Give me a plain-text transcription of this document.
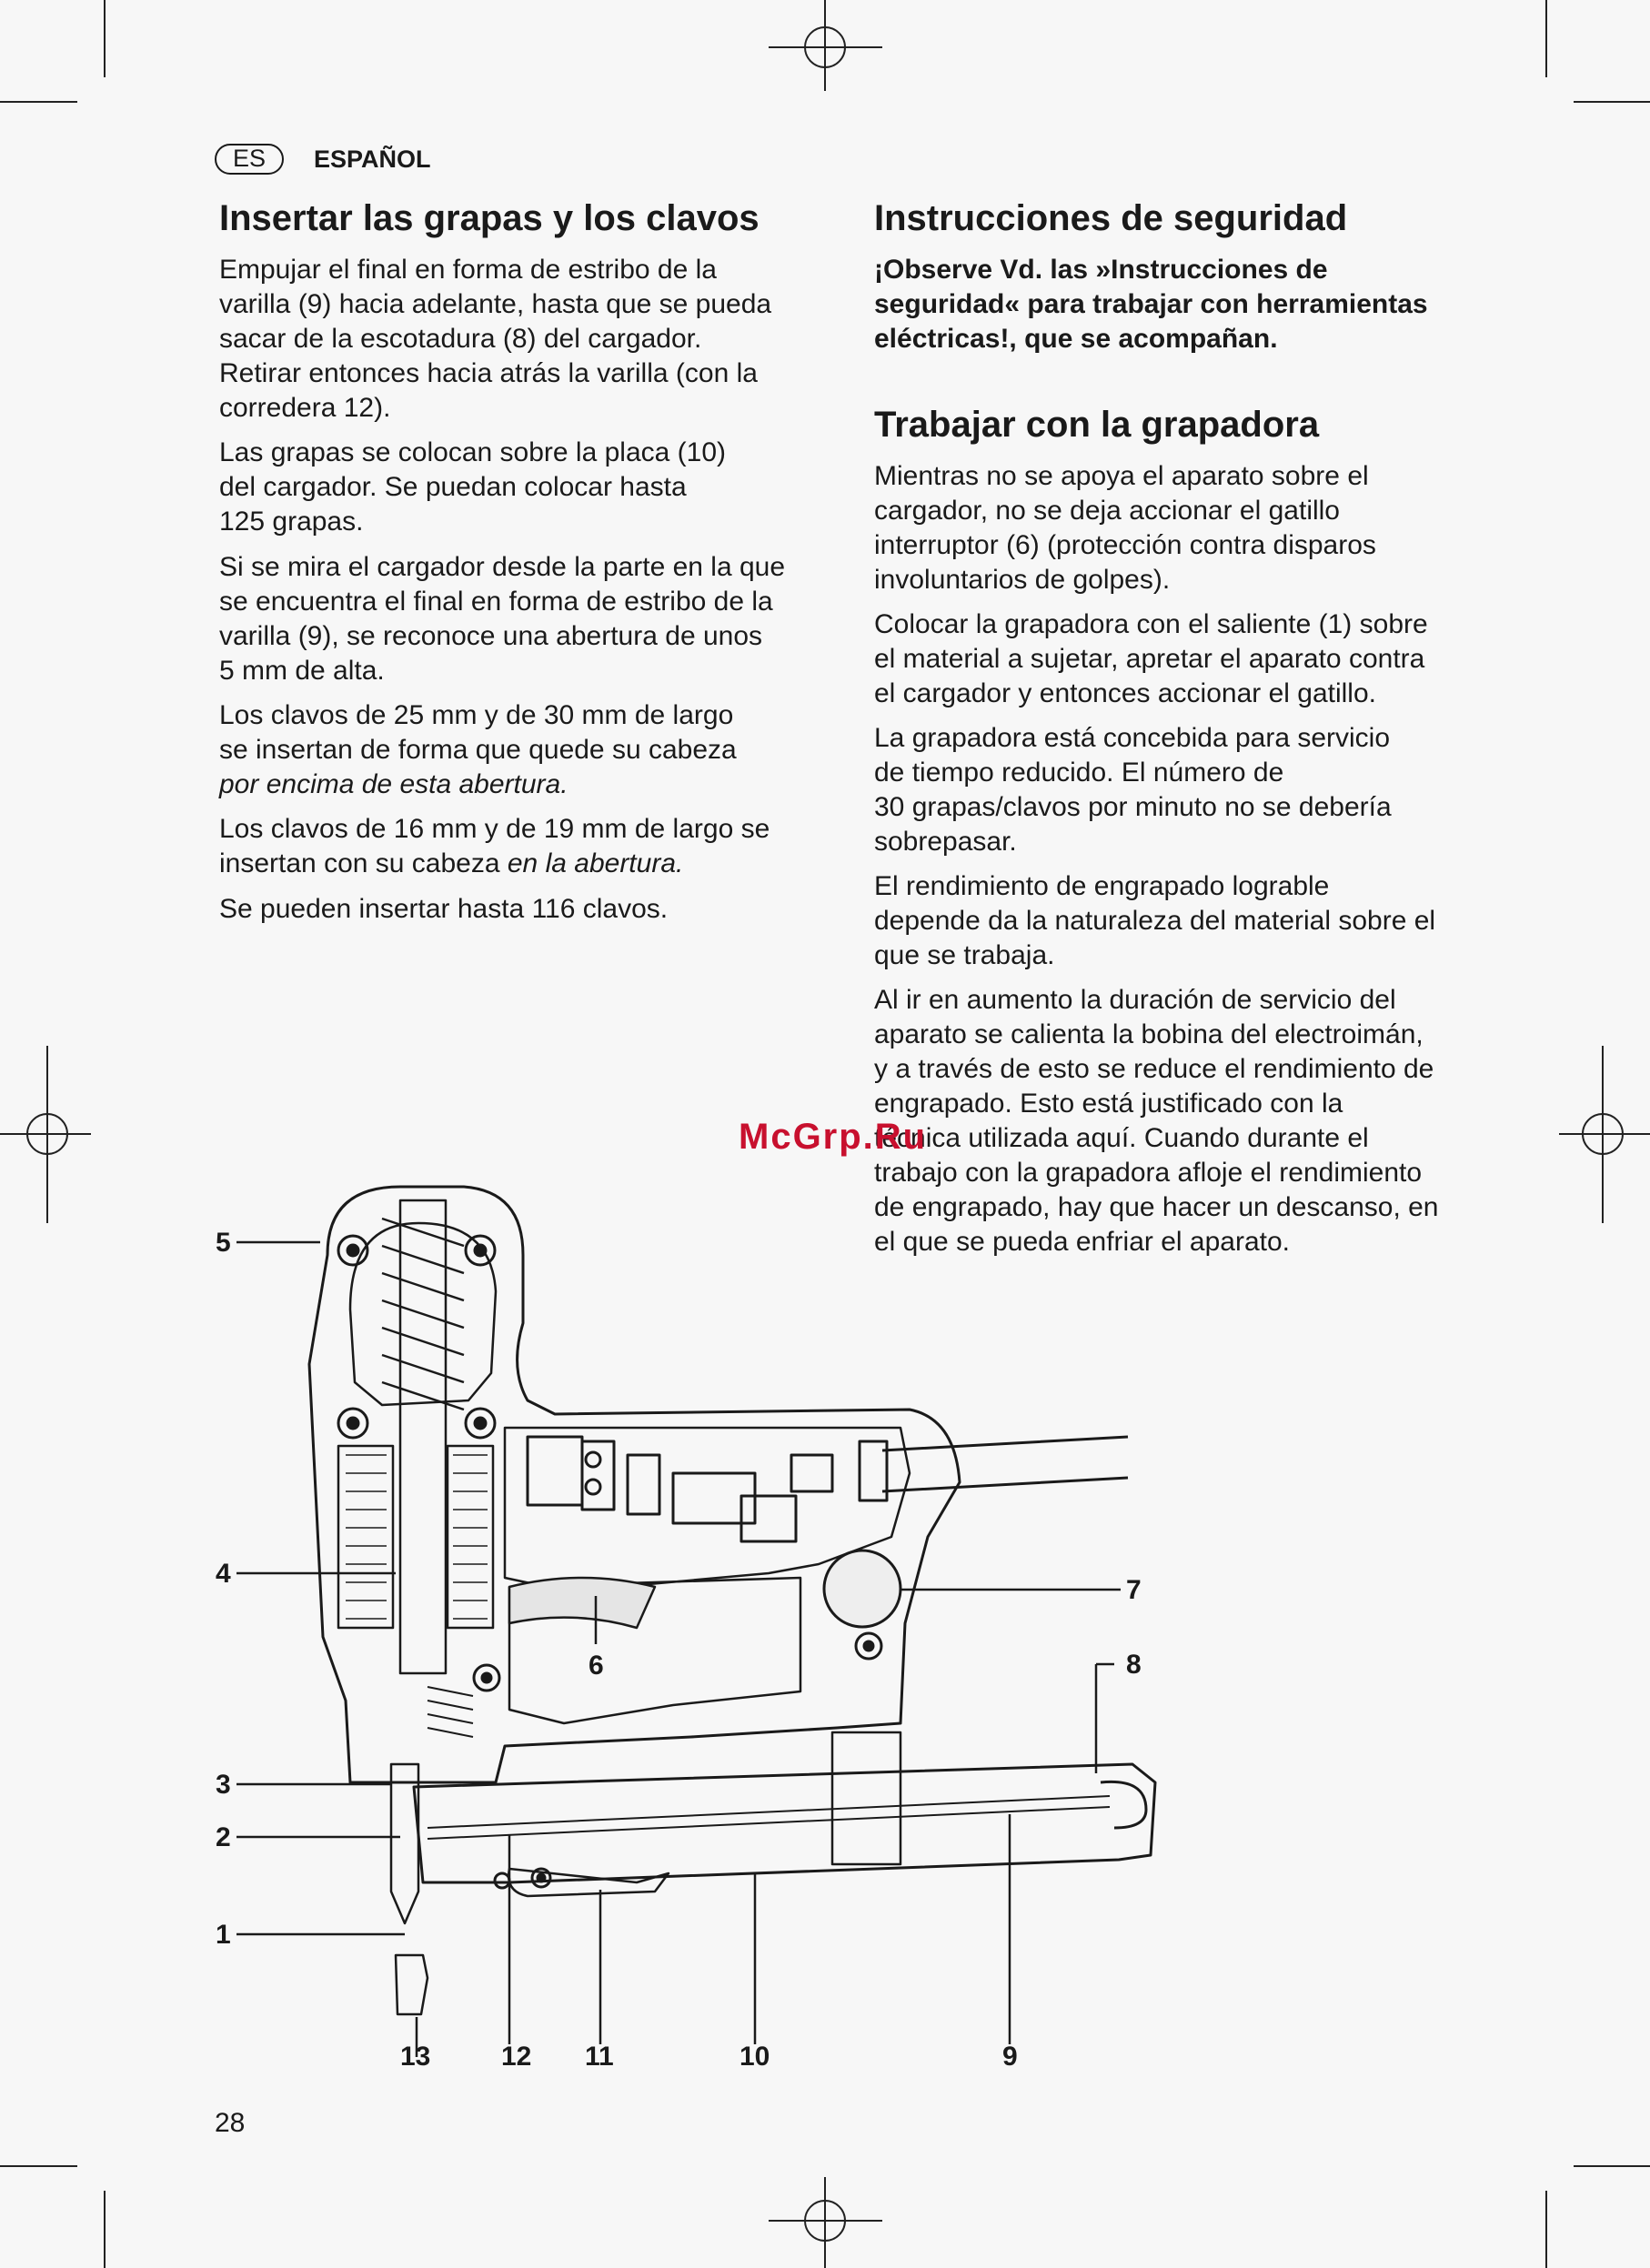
ES	ESPAÑOL
Insertar las grapas y los clavos

Empujar el final en forma de estribo de la
varilla (9) hacia adelante, hasta que se pueda
sacar de la escotadura (8) del cargador.
Retirar entonces hacia atrás la varilla (con la
corredera 12).

Las grapas se colocan sobre la placa (10)
del cargador. Se puedan colocar hasta
125 grapas.

Si se mira el cargador desde la parte en la que
se encuentra el final en forma de estribo de la
varilla (9), se reconoce una abertura de unos
5 mm de alta.

Los clavos de 25 mm y de 30 mm de largo
se insertan de forma que quede su cabeza
por encima de esta abertura.

Los clavos de 16 mm y de 19 mm de largo se
insertan con su cabeza en la abertura.

Se pueden insertar hasta 116 clavos.

Instrucciones de seguridad

¡Observe Vd. las »Instrucciones de
seguridad« para trabajar con herramientas
eléctricas!, que se acompañan.

Trabajar con la grapadora

Mientras no se apoya el aparato sobre el
cargador, no se deja accionar el gatillo
interruptor (6) (protección contra disparos
involuntarios de golpes).

Colocar la grapadora con el saliente (1) sobre
el material a sujetar, apretar el aparato contra
el cargador y entonces accionar el gatillo.

La grapadora está concebida para servicio
de tiempo reducido. El número de
30 grapas/clavos por minuto no se debería
sobrepasar.

El rendimiento de engrapado lograble
depende da la naturaleza del material sobre el
que se trabaja.

Al ir en aumento la duración de servicio del
aparato se calienta la bobina del electroimán,
y a través de esto se reduce el rendimiento de
engrapado. Esto está justificado con la
técnica utilizada aquí. Cuando durante el
trabajo con la grapadora afloje el rendimiento
de engrapado, hay que hacer un descanso, en
el que se pueda enfriar el aparato.

McGrp.Ru
5
4
3
2
1
13	12 11	10	9
6
7
8
28
